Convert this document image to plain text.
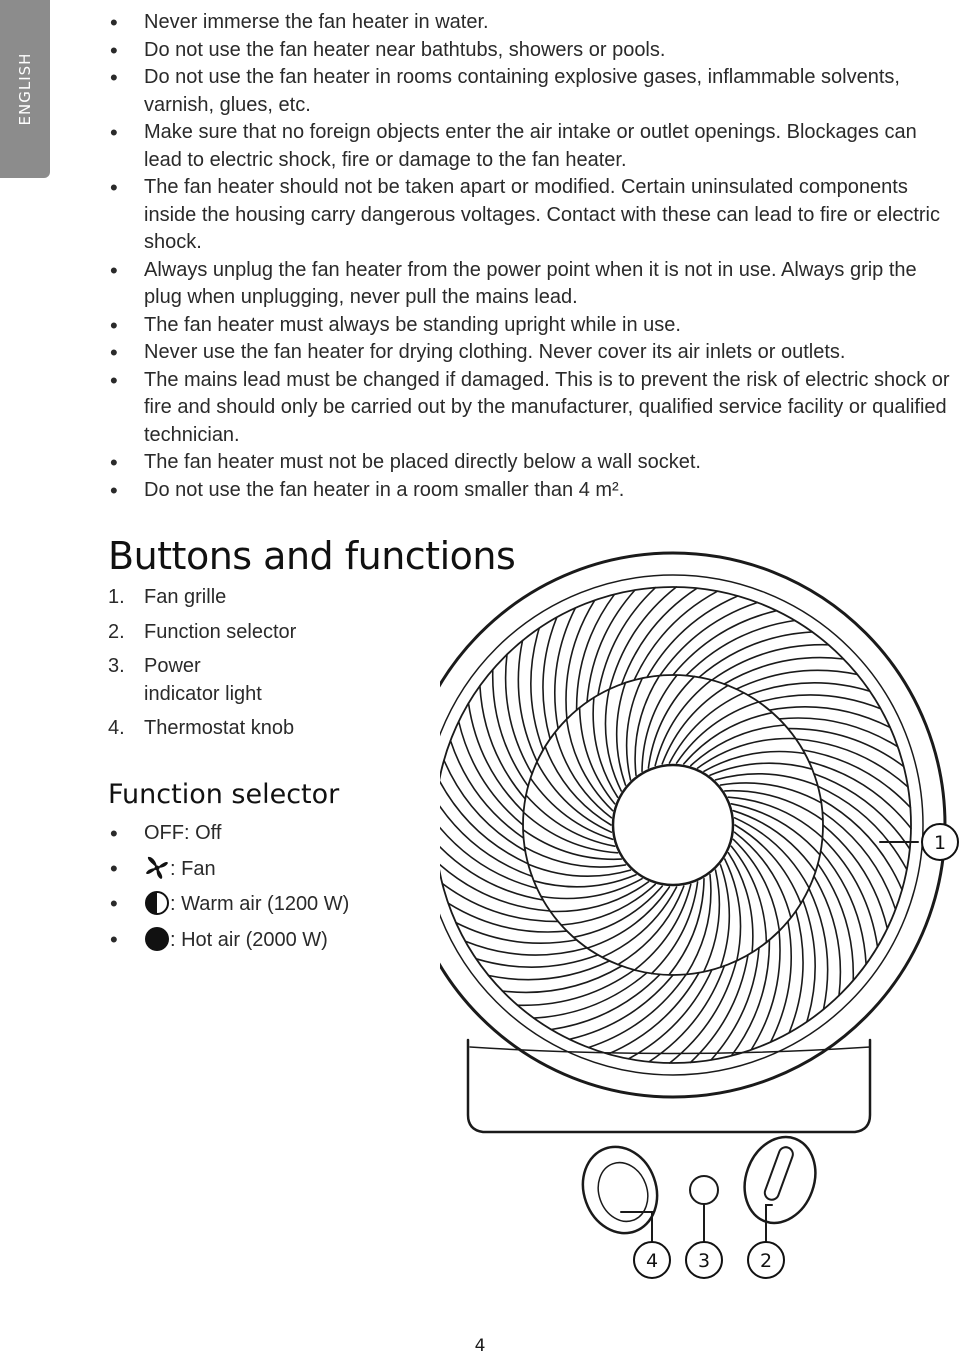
ENGLISH
• Never immerse the fan heater in water.
• Do not use the fan heater near bathtubs, showers or pools.
• Do not use the fan heater in rooms containing explosive gases, inflammable solvents, varnish, glues, etc.
• Make sure that no foreign objects enter the air intake or outlet openings. Blockages can lead to electric shock, fire or damage to the fan heater.
• The fan heater should not be taken apart or modified. Certain uninsulated components inside the housing carry dangerous voltages. Contact with these can lead to fire or electric shock.
• Always unplug the fan heater from the power point when it is not in use. Always grip the plug when unplugging, never pull the mains lead.
• The fan heater must always be standing upright while in use.
• Never use the fan heater for drying clothing. Never cover its air inlets or outlets.
• The mains lead must be changed if damaged. This is to prevent the risk of electric shock or fire and should only be carried out by the manufacturer, qualified service facility or qualified technician.
• The fan heater must not be placed directly below a wall socket.
• Do not use the fan heater in a room smaller than 4 m².
Buttons and functions
1. Fan grille
2. Function selector
3. Power indicator light
4. Thermostat knob
Function selector
• OFF: Off
• : Fan
• : Warm air (1200 W)
• : Hot air (2000 W)
1
4 3	2
4
